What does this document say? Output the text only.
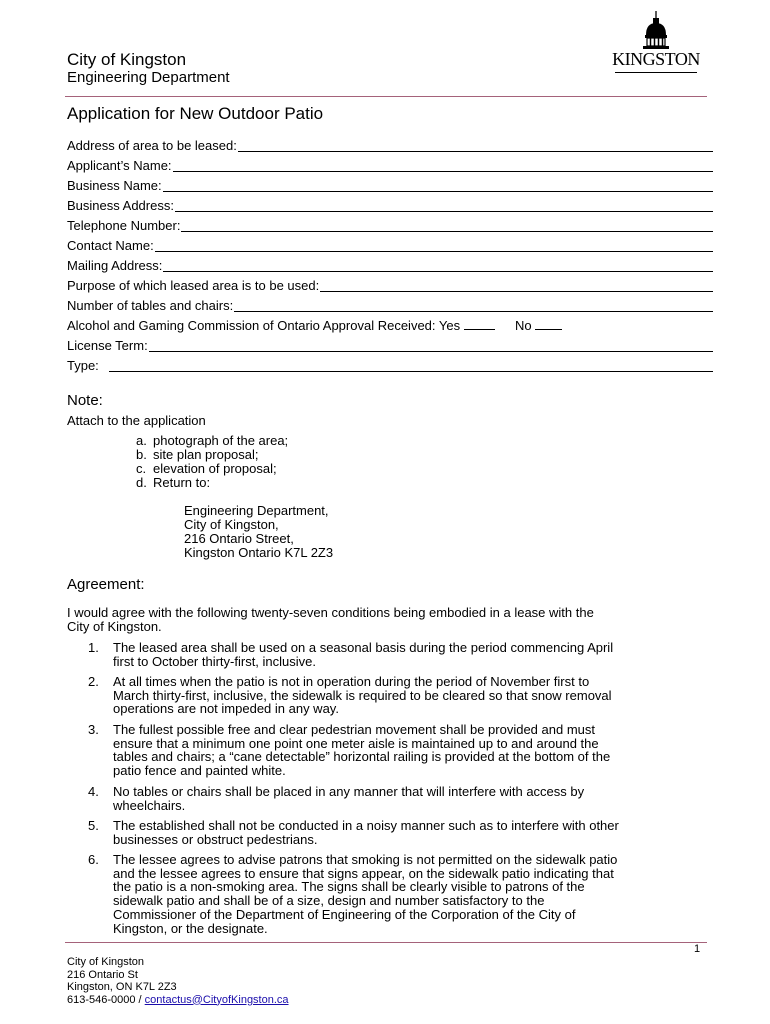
City of Kingston
Engineering Department
KINGSTON
Application for New Outdoor Patio
Address of area to be leased:
Applicant’s Name:
Business Name:
Business Address:
Telephone Number:
Contact Name:
Mailing Address:
Purpose of which leased area is to be used:
Number of tables and chairs:
Alcohol and Gaming Commission of Ontario Approval Received: Yes	No
License Term:
Type:
Note:
Attach to the application
a. photograph of the area;
b. site plan proposal;
c. elevation of proposal;
d. Return to:
Engineering Department,
City of Kingston,
216 Ontario Street,
Kingston Ontario K7L 2Z3
Agreement:
I would agree with the following twenty-seven conditions being embodied in a lease with the
City of Kingston.
1. The leased area shall be used on a seasonal basis during the period commencing April
first to October thirty-first, inclusive.
2. At all times when the patio is not in operation during the period of November first to
March thirty-first, inclusive, the sidewalk is required to be cleared so that snow removal
operations are not impeded in any way.
3. The fullest possible free and clear pedestrian movement shall be provided and must
ensure that a minimum one point one meter aisle is maintained up to and around the
tables and chairs; a “cane detectable” horizontal railing is provided at the bottom of the
patio fence and painted white.
4. No tables or chairs shall be placed in any manner that will interfere with access by
wheelchairs.
5. The established shall not be conducted in a noisy manner such as to interfere with other
businesses or obstruct pedestrians.
6. The lessee agrees to advise patrons that smoking is not permitted on the sidewalk patio
and the lessee agrees to ensure that signs appear, on the sidewalk patio indicating that
the patio is a non-smoking area. The signs shall be clearly visible to patrons of the
sidewalk patio and shall be of a size, design and number satisfactory to the
Commissioner of the Department of Engineering of the Corporation of the City of
Kingston, or the designate.
1
City of Kingston
216 Ontario St
Kingston, ON K7L 2Z3
613-546-0000 / contactus@CityofKingston.ca
